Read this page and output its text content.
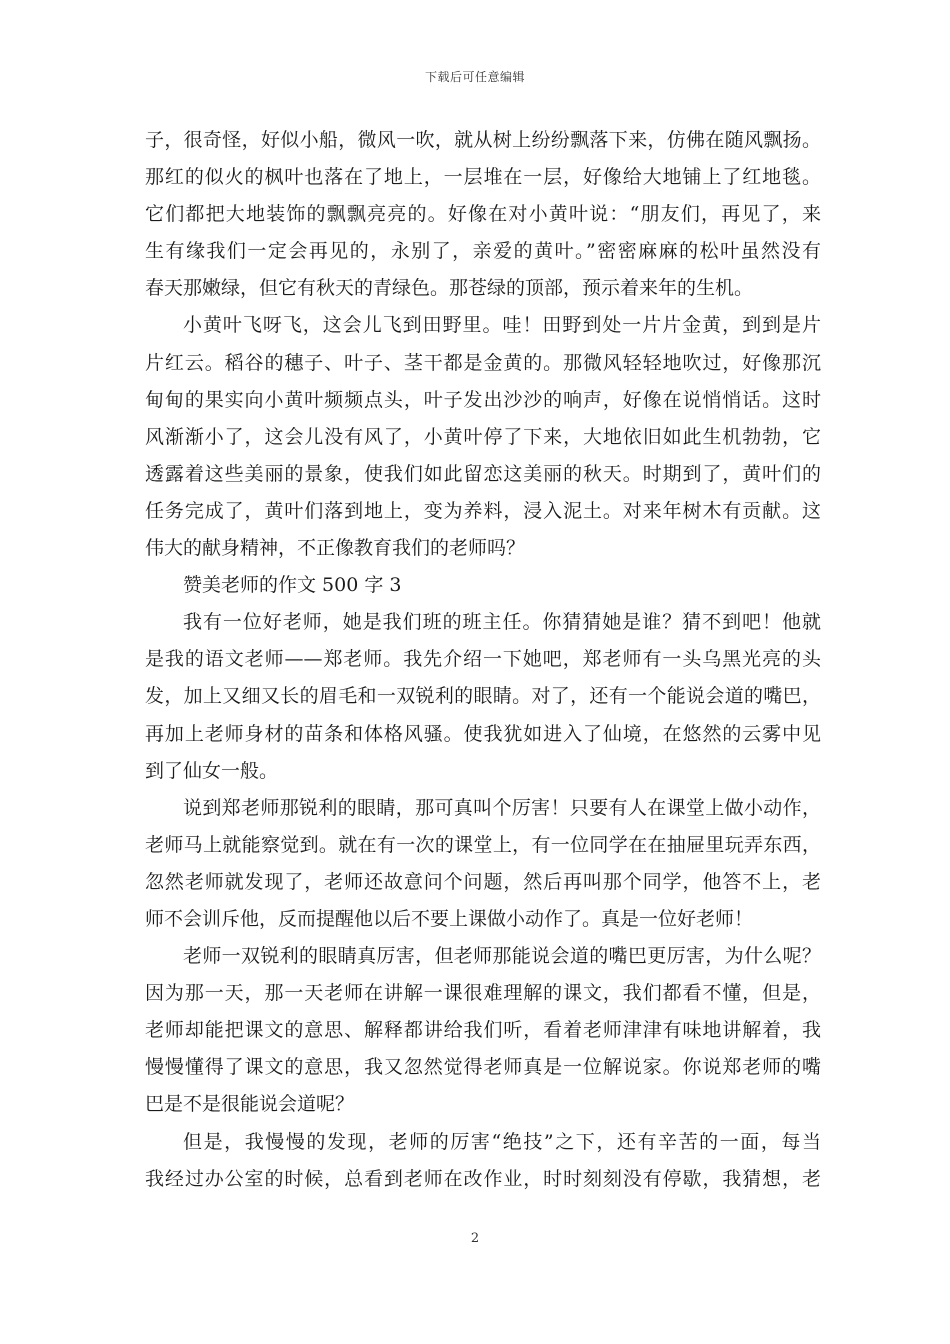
下载后可任意编辑
子，很奇怪，好似小船，微风一吹，就从树上纷纷飘落下来，仿佛在随风飘扬。
那红的似火的枫叶也落在了地上，一层堆在一层，好像给大地铺上了红地毯。
它们都把大地装饰的飘飘亮亮的。好像在对小黄叶说：“朋友们，再见了，来
生有缘我们一定会再见的，永别了，亲爱的黄叶。”密密麻麻的松叶虽然没有
春天那嫩绿，但它有秋天的青绿色。那苍绿的顶部，预示着来年的生机。
小黄叶飞呀飞，这会儿飞到田野里。哇！田野到处一片片金黄，到到是片
片红云。稻谷的穗子、叶子、茎干都是金黄的。那微风轻轻地吹过，好像那沉
甸甸的果实向小黄叶频频点头，叶子发出沙沙的响声，好像在说悄悄话。这时
风渐渐小了，这会儿没有风了，小黄叶停了下来，大地依旧如此生机勃勃，它
透露着这些美丽的景象，使我们如此留恋这美丽的秋天。时期到了，黄叶们的
任务完成了，黄叶们落到地上，变为养料，浸入泥土。对来年树木有贡献。这
伟大的献身精神，不正像教育我们的老师吗？
赞美老师的作文 500 字 3
我有一位好老师，她是我们班的班主任。你猜猜她是谁？猜不到吧！他就
是我的语文老师——郑老师。我先介绍一下她吧，郑老师有一头乌黑光亮的头
发，加上又细又长的眉毛和一双锐利的眼睛。对了，还有一个能说会道的嘴巴，
再加上老师身材的苗条和体格风骚。使我犹如进入了仙境，在悠然的云雾中见
到了仙女一般。
说到郑老师那锐利的眼睛，那可真叫个厉害！只要有人在课堂上做小动作，
老师马上就能察觉到。就在有一次的课堂上，有一位同学在在抽屉里玩弄东西，
忽然老师就发现了，老师还故意问个问题，然后再叫那个同学，他答不上，老
师不会训斥他，反而提醒他以后不要上课做小动作了。真是一位好老师！
老师一双锐利的眼睛真厉害，但老师那能说会道的嘴巴更厉害，为什么呢？
因为那一天，那一天老师在讲解一课很难理解的课文，我们都看不懂，但是，
老师却能把课文的意思、解释都讲给我们听，看着老师津津有味地讲解着，我
慢慢懂得了课文的意思，我又忽然觉得老师真是一位解说家。你说郑老师的嘴
巴是不是很能说会道呢？
但是，我慢慢的发现，老师的厉害“绝技”之下，还有辛苦的一面，每当
我经过办公室的时候，总看到老师在改作业，时时刻刻没有停歇，我猜想，老
2
